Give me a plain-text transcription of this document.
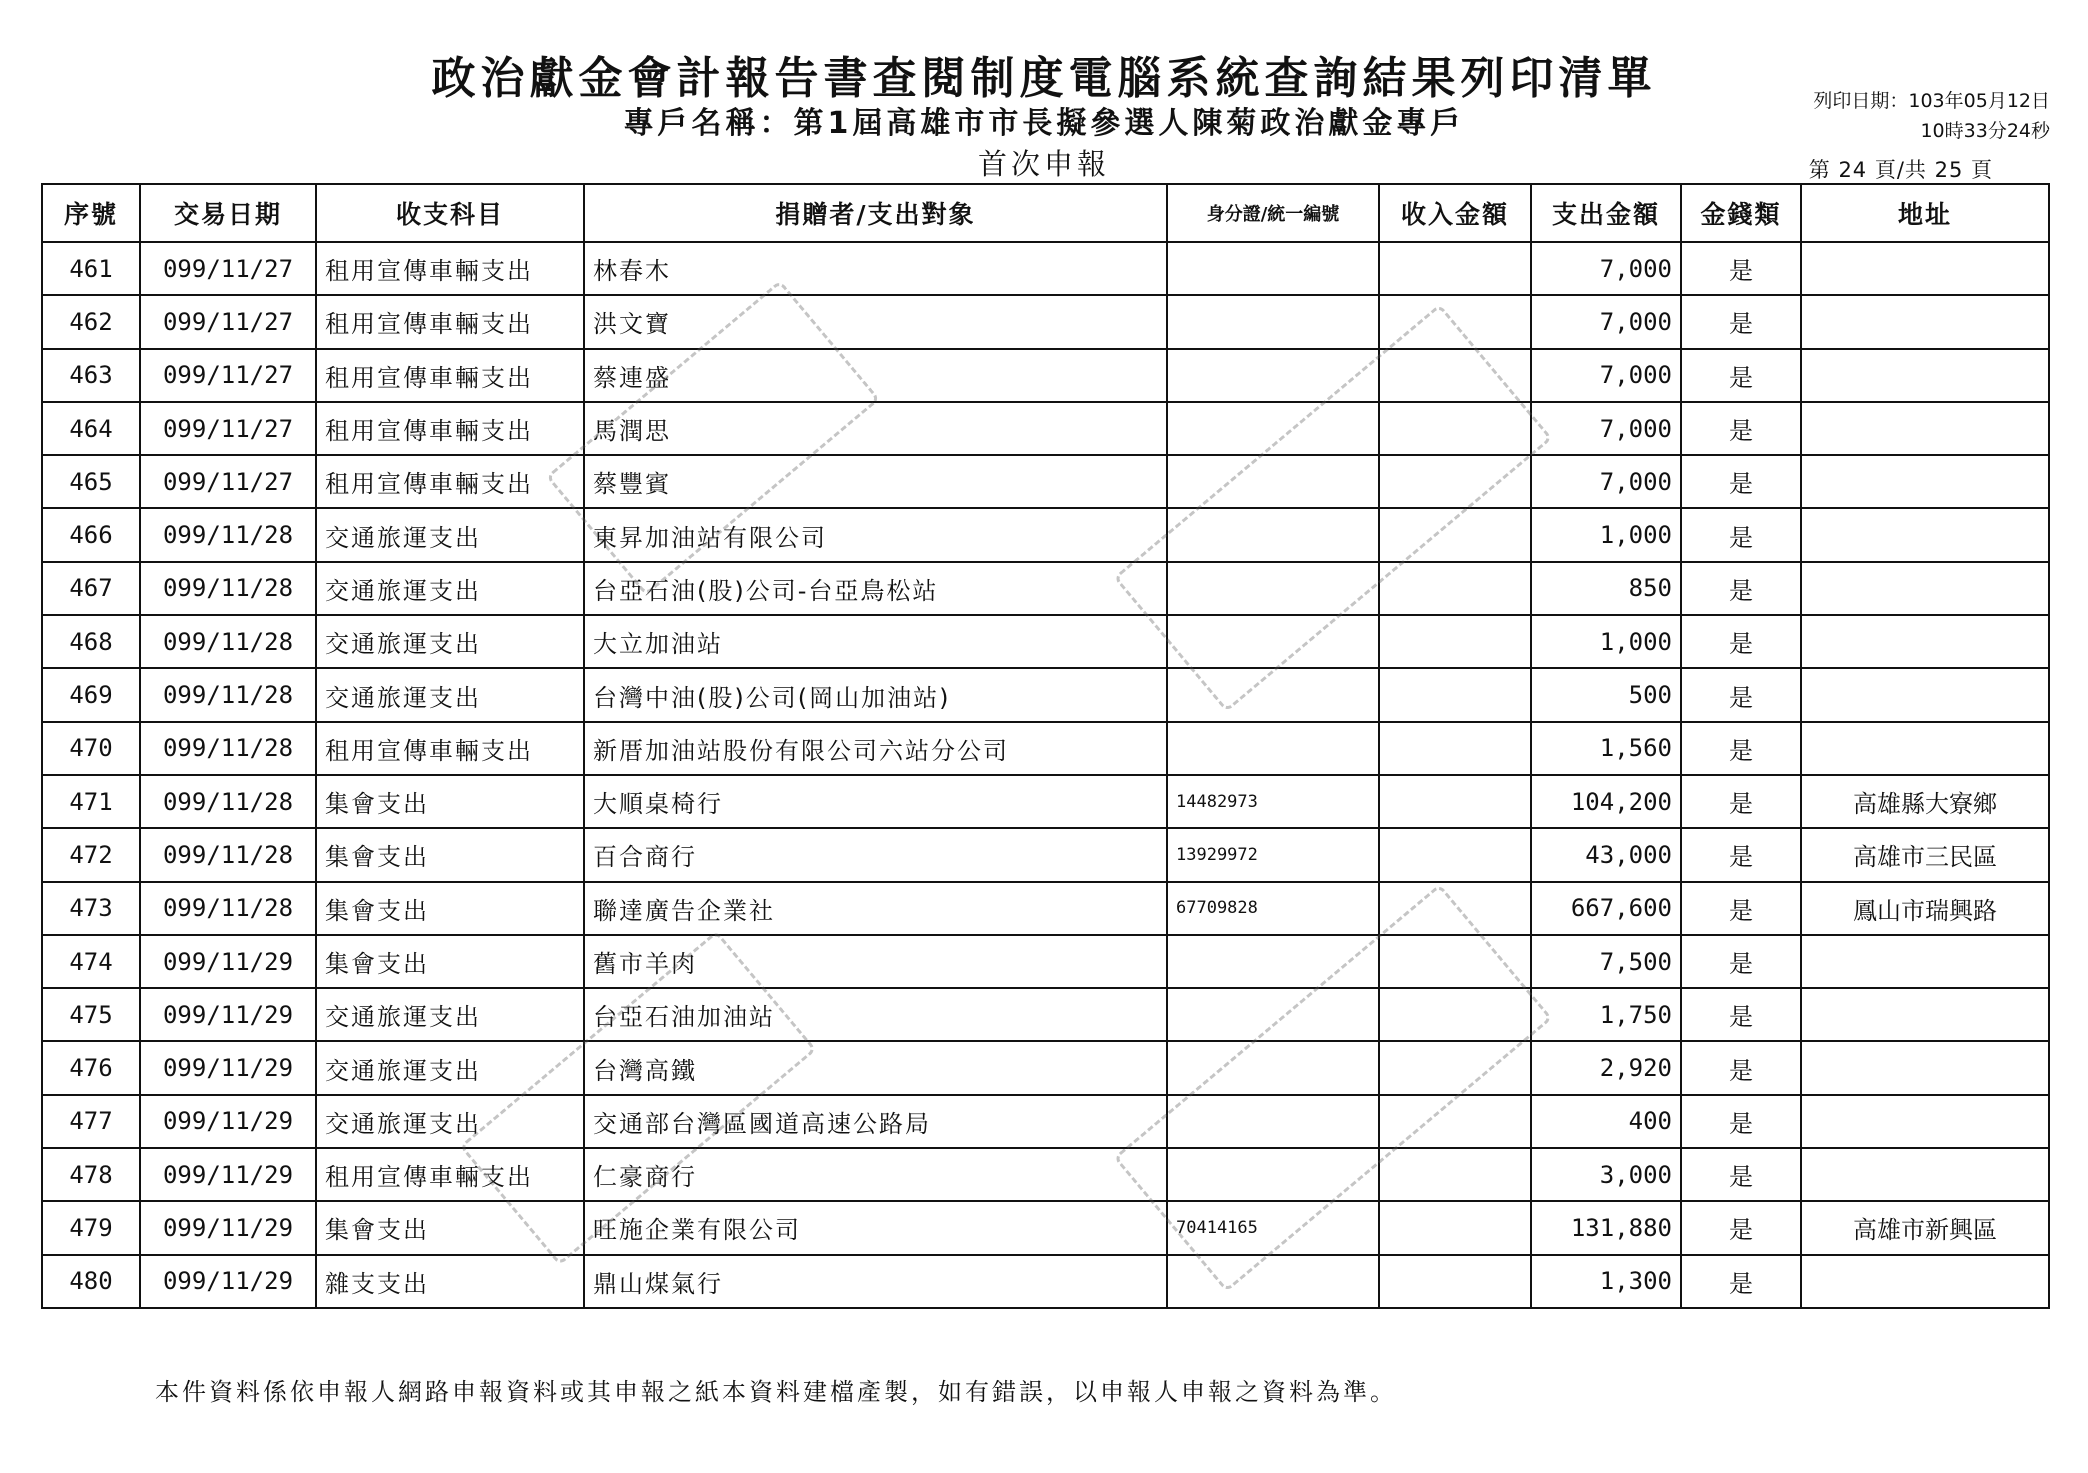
政治獻金會計報告書查閱制度電腦系統查詢結果列印清單
專戶名稱：第1屆高雄市市長擬參選人陳菊政治獻金專戶
首次申報
列印日期：103年05月12日
10時33分24秒
第 24 頁/共 25 頁
序號	交易日期	收支科目	捐贈者/支出對象	身分證/統一編號	收入金額	支出金額	金錢類	地址
461	099/11/27	租用宣傳車輛支出	林春木			7,000	是	
462	099/11/27	租用宣傳車輛支出	洪文寶			7,000	是	
463	099/11/27	租用宣傳車輛支出	蔡連盛			7,000	是	
464	099/11/27	租用宣傳車輛支出	馬潤思			7,000	是	
465	099/11/27	租用宣傳車輛支出	蔡豐賓			7,000	是	
466	099/11/28	交通旅運支出	東昇加油站有限公司			1,000	是	
467	099/11/28	交通旅運支出	台亞石油(股)公司-台亞鳥松站			850	是	
468	099/11/28	交通旅運支出	大立加油站			1,000	是	
469	099/11/28	交通旅運支出	台灣中油(股)公司(岡山加油站)			500	是	
470	099/11/28	租用宣傳車輛支出	新厝加油站股份有限公司六站分公司			1,560	是	
471	099/11/28	集會支出	大順桌椅行	14482973		104,200	是	高雄縣大寮鄉
472	099/11/28	集會支出	百合商行	13929972		43,000	是	高雄市三民區
473	099/11/28	集會支出	聯達廣告企業社	67709828		667,600	是	鳳山市瑞興路
474	099/11/29	集會支出	舊市羊肉			7,500	是	
475	099/11/29	交通旅運支出	台亞石油加油站			1,750	是	
476	099/11/29	交通旅運支出	台灣高鐵			2,920	是	
477	099/11/29	交通旅運支出	交通部台灣區國道高速公路局			400	是	
478	099/11/29	租用宣傳車輛支出	仁豪商行			3,000	是	
479	099/11/29	集會支出	旺施企業有限公司	70414165		131,880	是	高雄市新興區
480	099/11/29	雜支支出	鼎山煤氣行			1,300	是	
本件資料係依申報人網路申報資料或其申報之紙本資料建檔產製，如有錯誤，以申報人申報之資料為準。
